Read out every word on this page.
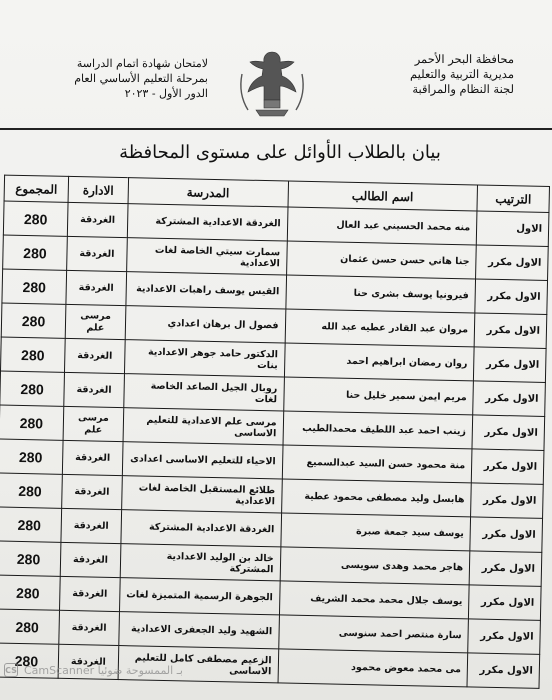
محافظة البحر الأحمر
مديرية التربية والتعليم
لجنة النظام والمراقبة
لامتحان شهادة اتمام الدراسة
بمرحلة التعليم الأساسي العام
الدور الأول - ٢٠٢٣
بيان بالطلاب الأوائل على مستوى المحافظة
الترتيب	اسم الطالب	المدرسة	الادارة	المجموع
الاول	منه محمد الحسيني عبد العال	الغردقة الاعدادية المشتركة	الغردقة	280
الاول مكرر	جنا هاني حسن حسن عثمان	سمارت سيتي الخاصة لغات الاعدادية	الغردقة	280
الاول مكرر	فيرونيا يوسف بشرى حنا	القيس يوسف راهبات الاعدادية	الغردقة	280
الاول مكرر	مروان عبد القادر عطيه عبد الله	فصول ال برهان اعدادي	مرسى علم	280
الاول مكرر	روان رمضان ابراهيم احمد	الدكتور حامد جوهر الاعدادية بنات	الغردقة	280
الاول مكرر	مريم ايمن سمير خليل حنا	روبال الجيل الصاعد الخاصة لغات	الغردقة	280
الاول مكرر	زينب احمد عبد اللطيف محمدالطيب	مرسى علم الاعدادية للتعليم الاساسى	مرسى علم	280
الاول مكرر	منة محمود حسن السيد عبدالسميع	الاحياء للتعليم الاساسى اعدادى	الغردقة	280
الاول مكرر	هابسل وليد مصطفى محمود عطية	طلائع المستقبل الخاصة لغات الاعدادية	الغردقة	280
الاول مكرر	يوسف سيد جمعة صبرة	الغردقة الاعدادية المشتركة	الغردقة	280
الاول مكرر	هاجر محمد وهدى سويسى	خالد بن الوليد الاعدادية المشتركة	الغردقة	280
الاول مكرر	يوسف جلال محمد محمد الشريف	الجوهرة الرسمية المتميزة لغات	الغردقة	280
الاول مكرر	سارة منتصر احمد سنوسى	الشهيد وليد الجعفرى الاعدادية	الغردقة	280
الاول مكرر	مى محمد معوض محمود	الزعيم مصطفى كامل للتعليم الاساسى	الغردقة	280
CS CamScanner بـ الممسوحة ضوئيا
